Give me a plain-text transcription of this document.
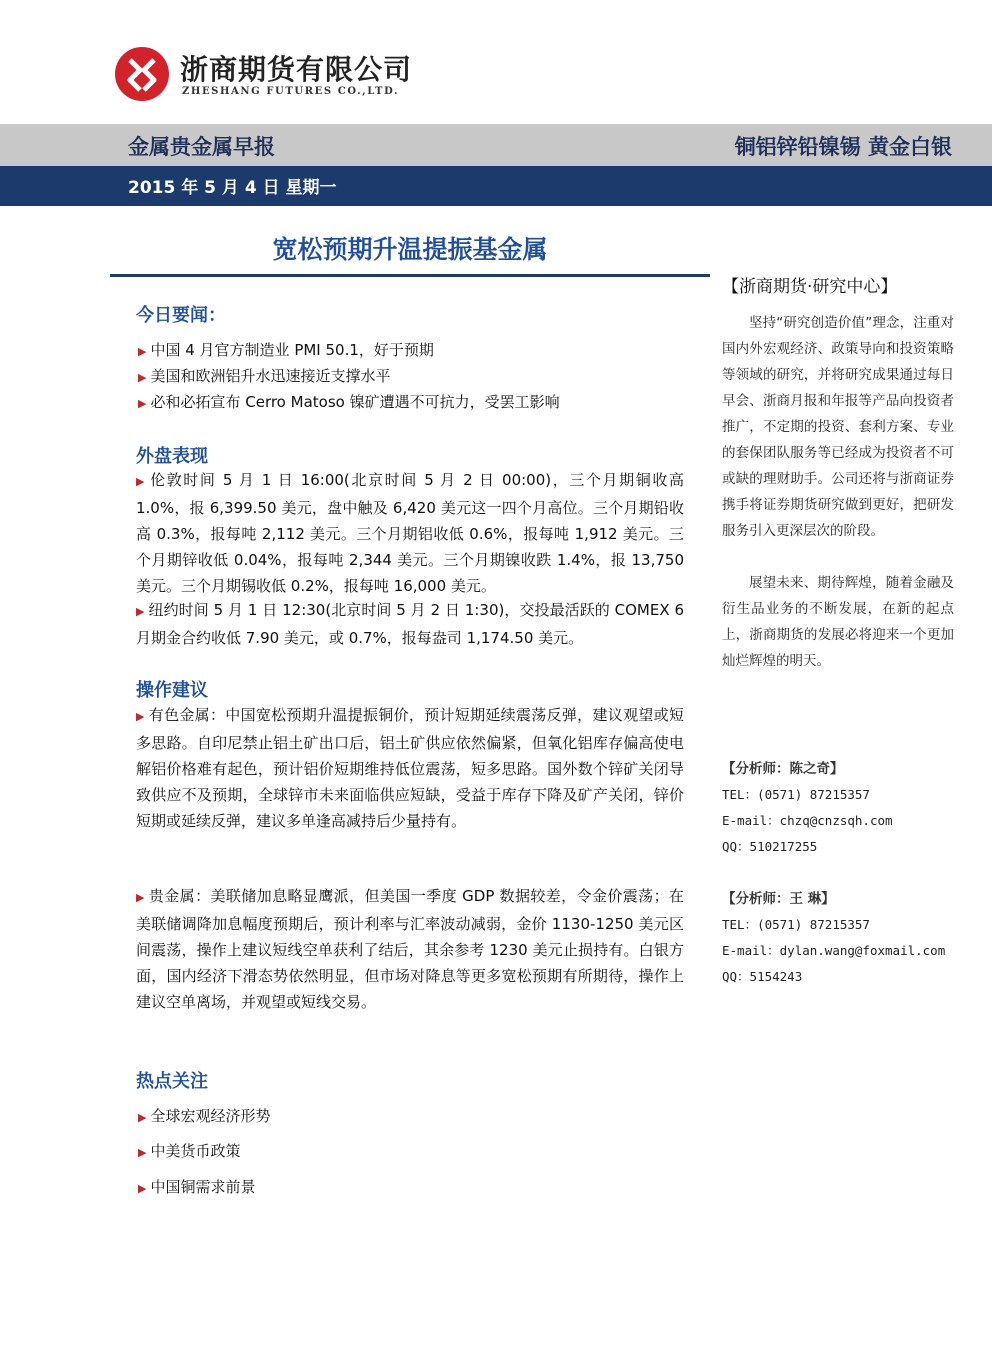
浙商期货有限公司
ZHESHANG FUTURES CO.,LTD.
金属贵金属早报	铜铝锌铅镍锡 黄金白银
2015 年 5 月 4 日 星期一
宽松预期升温提振基金属
今日要闻：
▶ 中国 4 月官方制造业 PMI 50.1，好于预期
▶ 美国和欧洲铝升水迅速接近支撑水平
▶ 必和必拓宣布 Cerro Matoso 镍矿遭遇不可抗力，受罢工影响
外盘表现
▶ 伦敦时间 5 月 1 日 16:00(北京时间 5 月 2 日 00:00)，三个月期铜收高 1.0%，报 6,399.50 美元，盘中触及 6,420 美元这一四个月高位。三个月期铅收高 0.3%，报每吨 2,112 美元。三个月期铝收低 0.6%，报每吨 1,912 美元。三个月期锌收低 0.04%，报每吨 2,344 美元。三个月期镍收跌 1.4%，报 13,750 美元。三个月期锡收低 0.2%，报每吨 16,000 美元。
▶ 纽约时间 5 月 1 日 12:30(北京时间 5 月 2 日 1:30)，交投最活跃的 COMEX 6 月期金合约收低 7.90 美元，或 0.7%，报每盎司 1,174.50 美元。
操作建议
▶ 有色金属：中国宽松预期升温提振铜价，预计短期延续震荡反弹，建议观望或短多思路。自印尼禁止铝土矿出口后，铝土矿供应依然偏紧，但氧化铝库存偏高使电解铝价格难有起色，预计铝价短期维持低位震荡，短多思路。国外数个锌矿关闭导致供应不及预期，全球锌市未来面临供应短缺，受益于库存下降及矿产关闭，锌价短期或延续反弹，建议多单逢高减持后少量持有。
▶ 贵金属：美联储加息略显鹰派，但美国一季度 GDP 数据较差，令金价震荡；在美联储调降加息幅度预期后，预计利率与汇率波动减弱，金价 1130-1250 美元区间震荡，操作上建议短线空单获利了结后，其余参考 1230 美元止损持有。白银方面，国内经济下滑态势依然明显，但市场对降息等更多宽松预期有所期待，操作上建议空单离场，并观望或短线交易。
热点关注
▶ 全球宏观经济形势
▶ 中美货币政策
▶ 中国铜需求前景
【浙商期货·研究中心】
坚持“研究创造价值”理念，注重对国内外宏观经济、政策导向和投资策略等领域的研究，并将研究成果通过每日早会、浙商月报和年报等产品向投资者推广，不定期的投资、套利方案、专业的套保团队服务等已经成为投资者不可或缺的理财助手。公司还将与浙商证券携手将证券期货研究做到更好，把研发服务引入更深层次的阶段。
展望未来、期待辉煌，随着金融及衍生品业务的不断发展，在新的起点上，浙商期货的发展必将迎来一个更加灿烂辉煌的明天。
【分析师：陈之奇】
TEL：(0571) 87215357
E-mail：chzq@cnzsqh.com
QQ：510217255
【分析师：王 琳】
TEL：(0571) 87215357
E-mail：dylan.wang@foxmail.com
QQ：5154243
